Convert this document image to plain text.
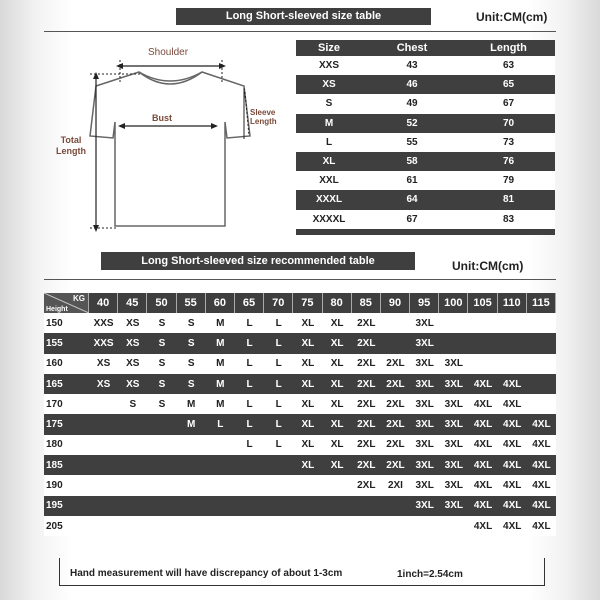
Long Short-sleeved size table	Unit:CM(cm)
Shoulder
Bust
Sleeve
Length
Total
Length
Size	Chest	Length
XXS	43	63
XS	46	65
S	49	67
M	52	70
L	55	73
XL	58	76
XXL	61	79
XXXL	64	81
XXXXL	67	83

Long Short-sleeved size recommended table	Unit:CM(cm)
KG
Height	40	45	50	55	60	65	70	75	80	85	90	95	100	105	110	115
150	XXS	XS	S	S	M	L	L	XL	XL	2XL		3XL				
155	XXS	XS	S	S	M	L	L	XL	XL	2XL		3XL				
160	XS	XS	S	S	M	L	L	XL	XL	2XL	2XL	3XL	3XL			
165	XS	XS	S	S	M	L	L	XL	XL	2XL	2XL	3XL	3XL	4XL	4XL	
170		S	S	M	M	L	L	XL	XL	2XL	2XL	3XL	3XL	4XL	4XL	
175				M	L	L	L	XL	XL	2XL	2XL	3XL	3XL	4XL	4XL	4XL
180						L	L	XL	XL	2XL	2XL	3XL	3XL	4XL	4XL	4XL
185								XL	XL	2XL	2XL	3XL	3XL	4XL	4XL	4XL
190										2XL	2XI	3XL	3XL	4XL	4XL	4XL
195												3XL	3XL	4XL	4XL	4XL
205														4XL	4XL	4XL
Hand measurement will have discrepancy of about 1-3cm	1inch=2.54cm
